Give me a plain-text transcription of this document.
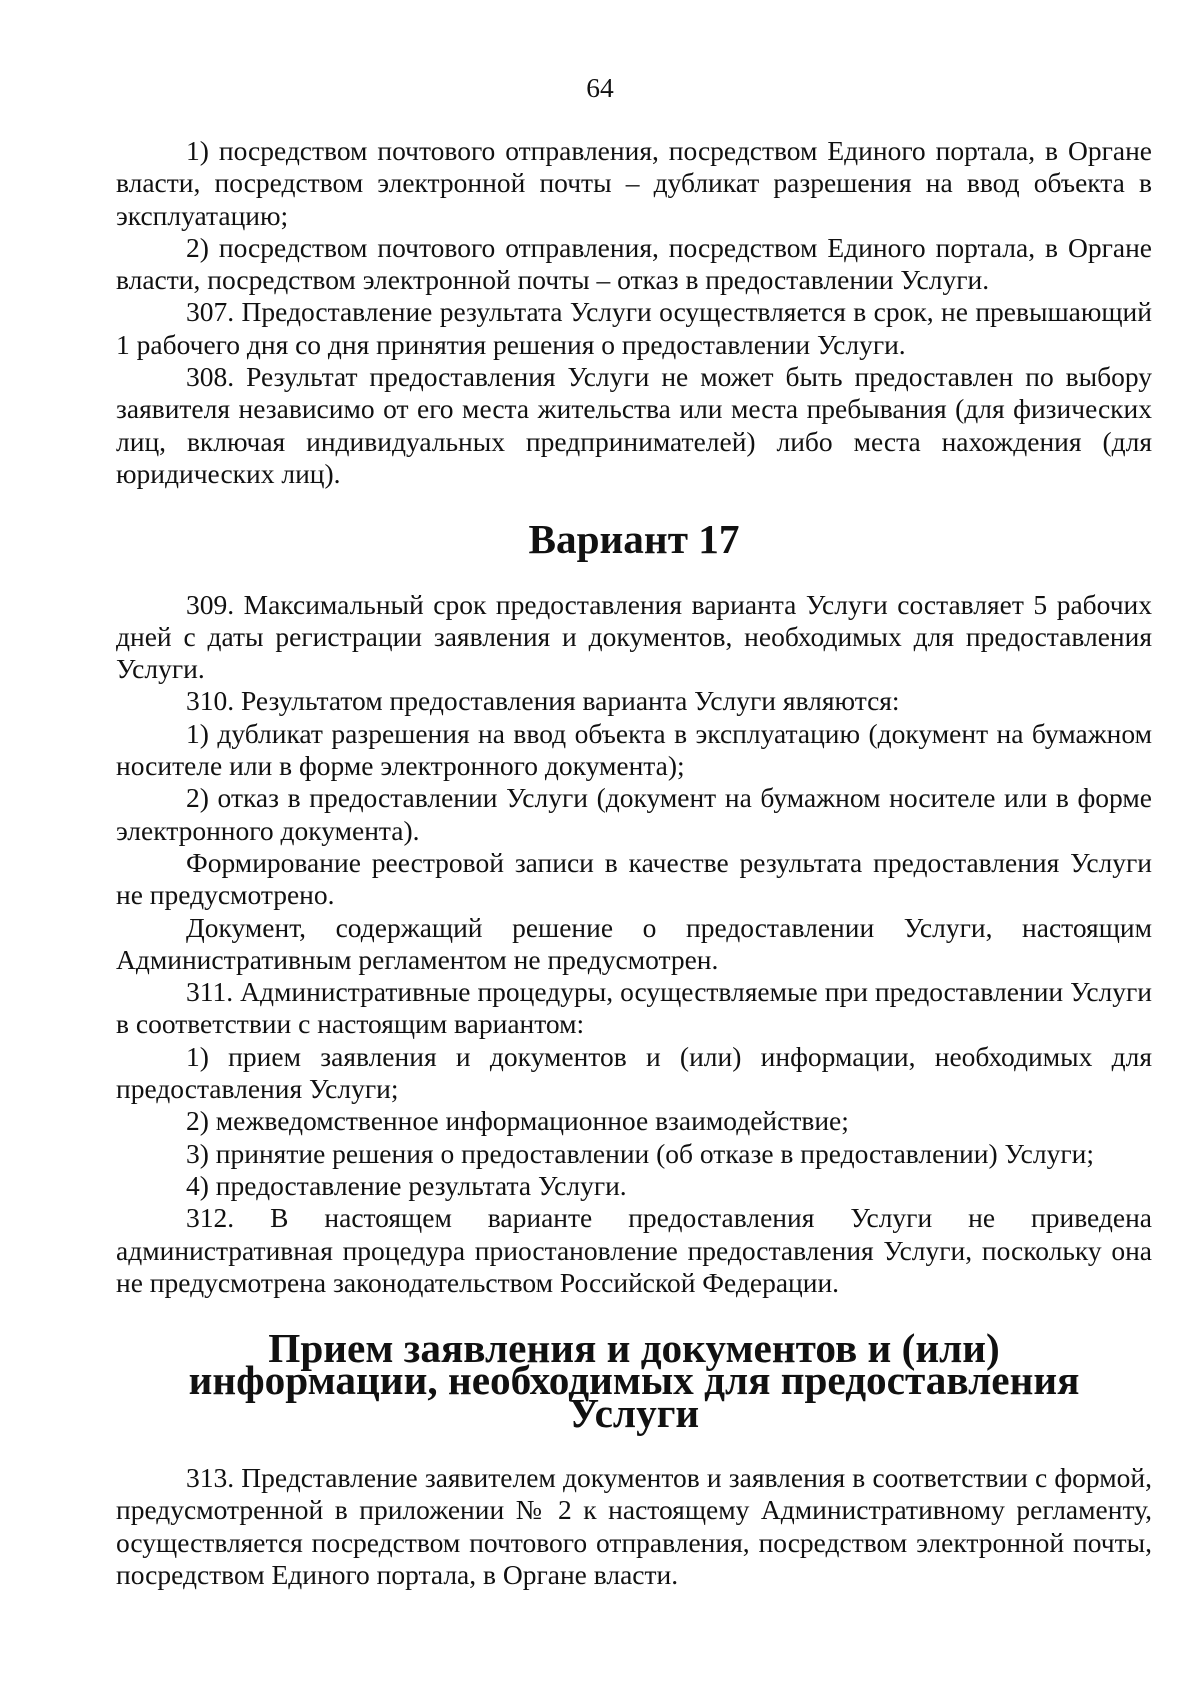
64

1) посредством почтового отправления, посредством Единого портала, в Органе власти, посредством электронной почты – дубликат разрешения на ввод объекта в эксплуатацию;

2) посредством почтового отправления, посредством Единого портала, в Органе власти, посредством электронной почты – отказ в предоставлении Услуги.

307. Предоставление результата Услуги осуществляется в срок, не превышающий 1 рабочего дня со дня принятия решения о предоставлении Услуги.

308. Результат предоставления Услуги не может быть предоставлен по выбору заявителя независимо от его места жительства или места пребывания (для физических лиц, включая индивидуальных предпринимателей) либо места нахождения (для юридических лиц).

Вариант 17

309. Максимальный срок предоставления варианта Услуги составляет 5 рабочих дней с даты регистрации заявления и документов, необходимых для предоставления Услуги.

310. Результатом предоставления варианта Услуги являются:

1) дубликат разрешения на ввод объекта в эксплуатацию (документ на бумажном носителе или в форме электронного документа);

2) отказ в предоставлении Услуги (документ на бумажном носителе или в форме электронного документа).

Формирование реестровой записи в качестве результата предоставления Услуги не предусмотрено.

Документ, содержащий решение о предоставлении Услуги, настоящим Административным регламентом не предусмотрен.

311. Административные процедуры, осуществляемые при предоставлении Услуги в соответствии с настоящим вариантом:

1) прием заявления и документов и (или) информации, необходимых для предоставления Услуги;

2) межведомственное информационное взаимодействие;

3) принятие решения о предоставлении (об отказе в предоставлении) Услуги;

4) предоставление результата Услуги.

312. В настоящем варианте предоставления Услуги не приведена административная процедура приостановление предоставления Услуги, поскольку она не предусмотрена законодательством Российской Федерации.

Прием заявления и документов и (или) информации, необходимых для предоставления Услуги

313. Представление заявителем документов и заявления в соответствии с формой, предусмотренной в приложении № 2 к настоящему Административному регламенту, осуществляется посредством почтового отправления, посредством электронной почты, посредством Единого портала, в Органе власти.
